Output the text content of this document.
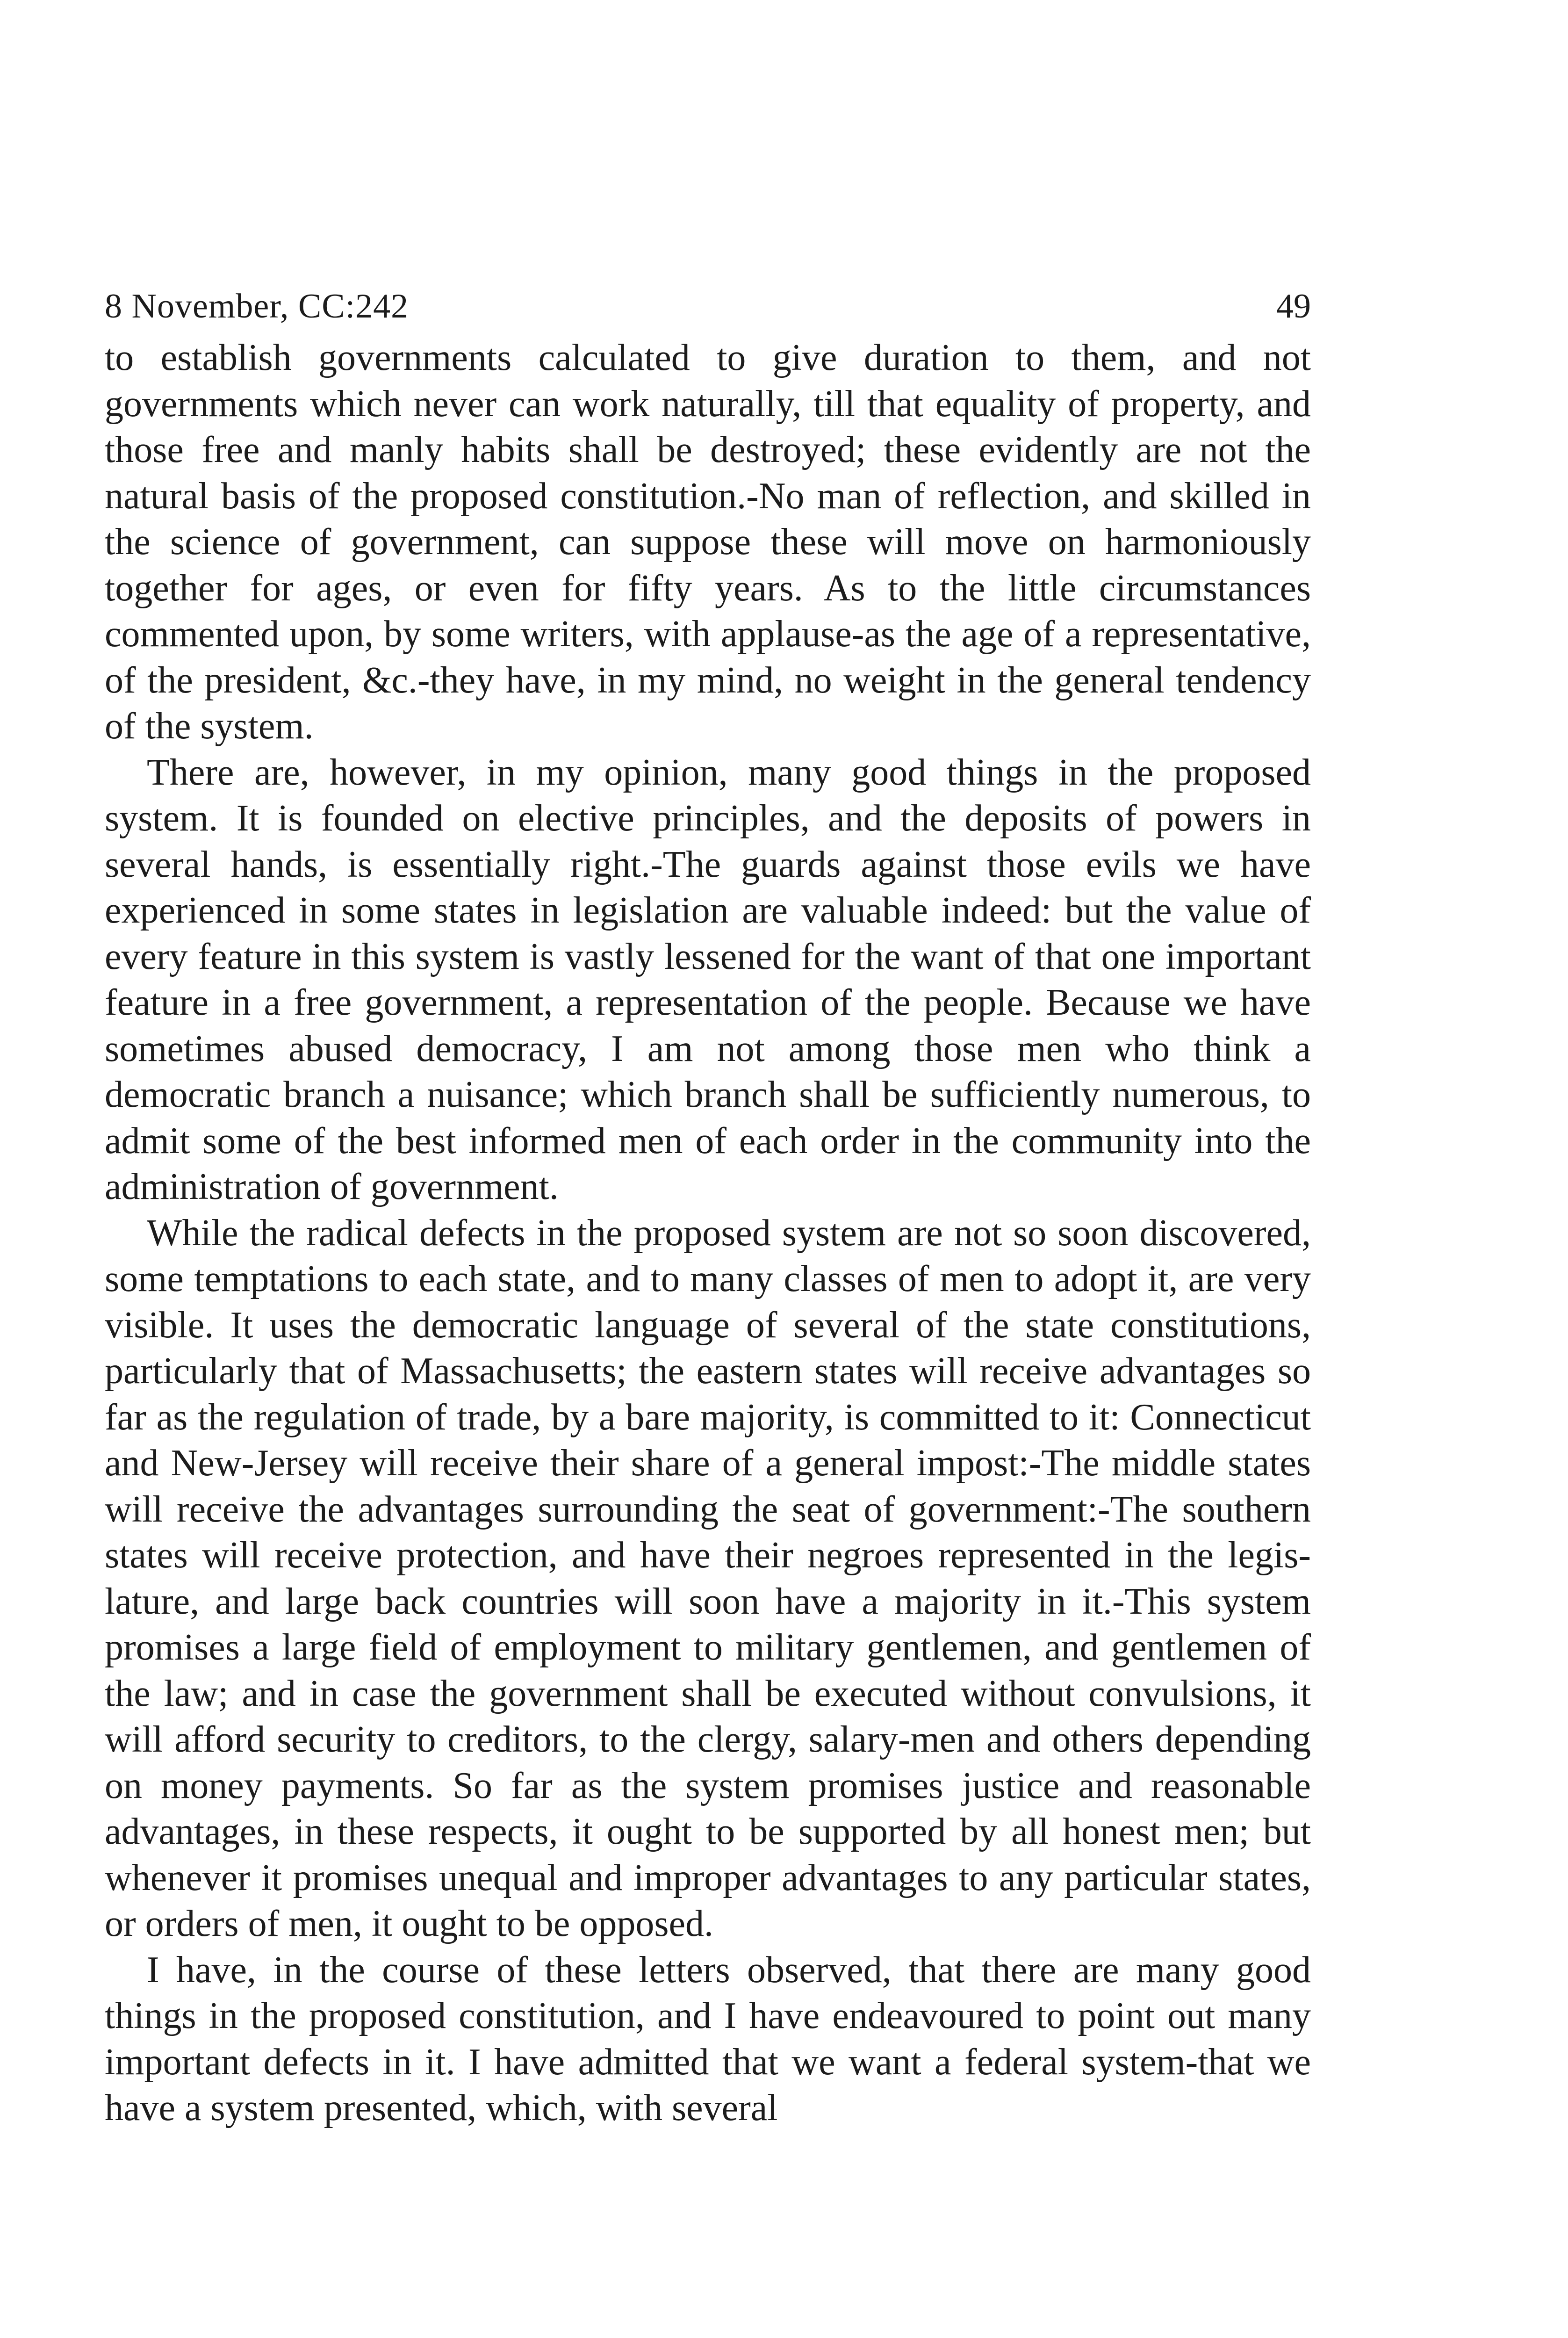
8 November, CC:242	49

to establish governments calculated to give duration to them, and not governments which never can work naturally, till that equality of property, and those free and manly habits shall be destroyed; these evidently are not the natural basis of the proposed constitution.-No man of reflection, and skilled in the science of government, can suppose these will move on harmoniously together for ages, or even for fifty years. As to the little circumstances commented upon, by some writers, with applause-as the age of a representative, of the president, &c.-they have, in my mind, no weight in the general tendency of the system.

There are, however, in my opinion, many good things in the proposed system. It is founded on elective principles, and the deposits of powers in several hands, is essentially right.-The guards against those evils we have experienced in some states in legislation are valuable indeed: but the value of every feature in this system is vastly lessened for the want of that one important feature in a free government, a representation of the people. Because we have sometimes abused democracy, I am not among those men who think a democratic branch a nuisance; which branch shall be sufficiently numerous, to admit some of the best informed men of each order in the community into the administration of government.

While the radical defects in the proposed system are not so soon discovered, some temptations to each state, and to many classes of men to adopt it, are very visible. It uses the democratic language of several of the state constitutions, particularly that of Massachusetts; the eastern states will receive advantages so far as the regulation of trade, by a bare majority, is committed to it: Connecticut and New-Jersey will receive their share of a general impost:-The middle states will receive the advantages surrounding the seat of government:-The southern states will receive protection, and have their negroes represented in the legislature, and large back countries will soon have a majority in it.-This system promises a large field of employment to military gentlemen, and gentlemen of the law; and in case the government shall be executed without convulsions, it will afford security to creditors, to the clergy, salary-men and others depending on money payments. So far as the system promises justice and reasonable advantages, in these respects, it ought to be supported by all honest men; but whenever it promises unequal and improper advantages to any particular states, or orders of men, it ought to be opposed.

I have, in the course of these letters observed, that there are many good things in the proposed constitution, and I have endeavoured to point out many important defects in it. I have admitted that we want a federal system-that we have a system presented, which, with several
